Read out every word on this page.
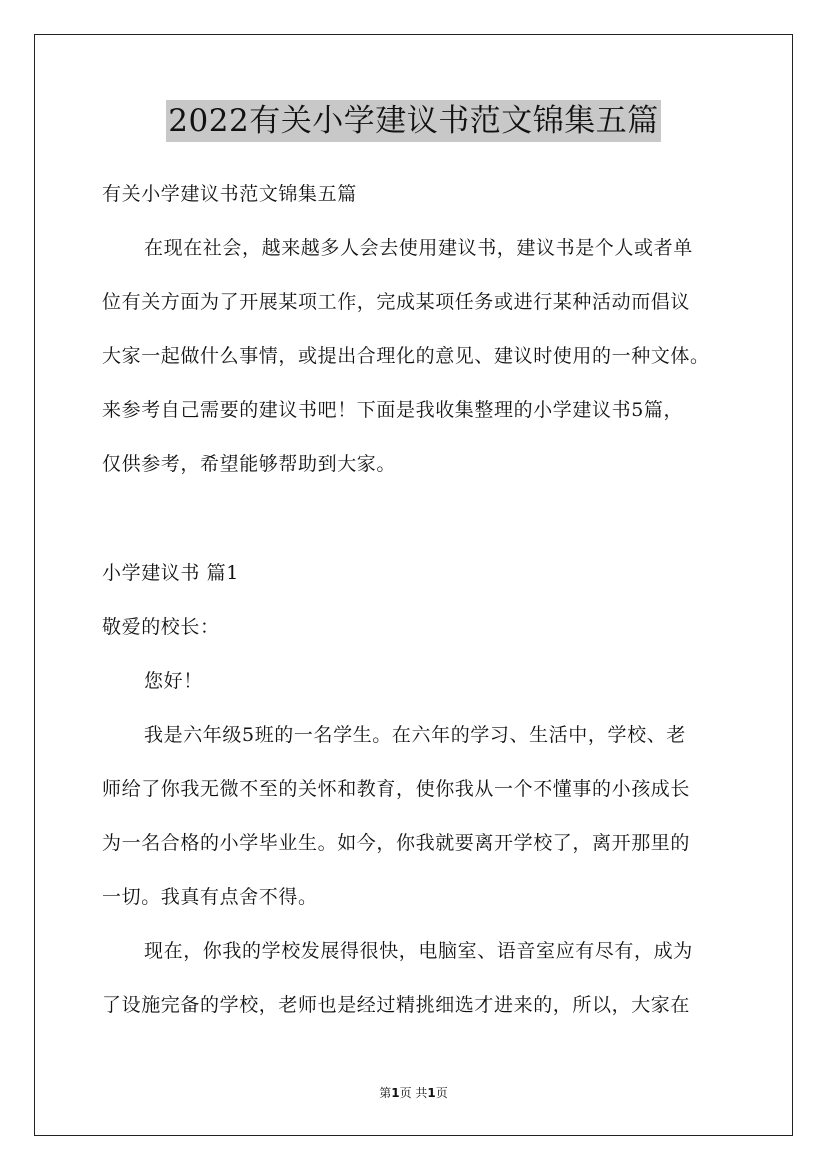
2022有关小学建议书范文锦集五篇
有关小学建议书范文锦集五篇
在现在社会，越来越多人会去使用建议书，建议书是个人或者单
位有关方面为了开展某项工作，完成某项任务或进行某种活动而倡议
大家一起做什么事情，或提出合理化的意见、建议时使用的一种文体。
来参考自己需要的建议书吧！下面是我收集整理的小学建议书5篇，
仅供参考，希望能够帮助到大家。
小学建议书 篇1
敬爱的校长：
您好！
我是六年级5班的一名学生。在六年的学习、生活中，学校、老
师给了你我无微不至的关怀和教育，使你我从一个不懂事的小孩成长
为一名合格的小学毕业生。如今，你我就要离开学校了，离开那里的
一切。我真有点舍不得。
现在，你我的学校发展得很快，电脑室、语音室应有尽有，成为
了设施完备的学校，老师也是经过精挑细选才进来的，所以，大家在
第1页 共1页
